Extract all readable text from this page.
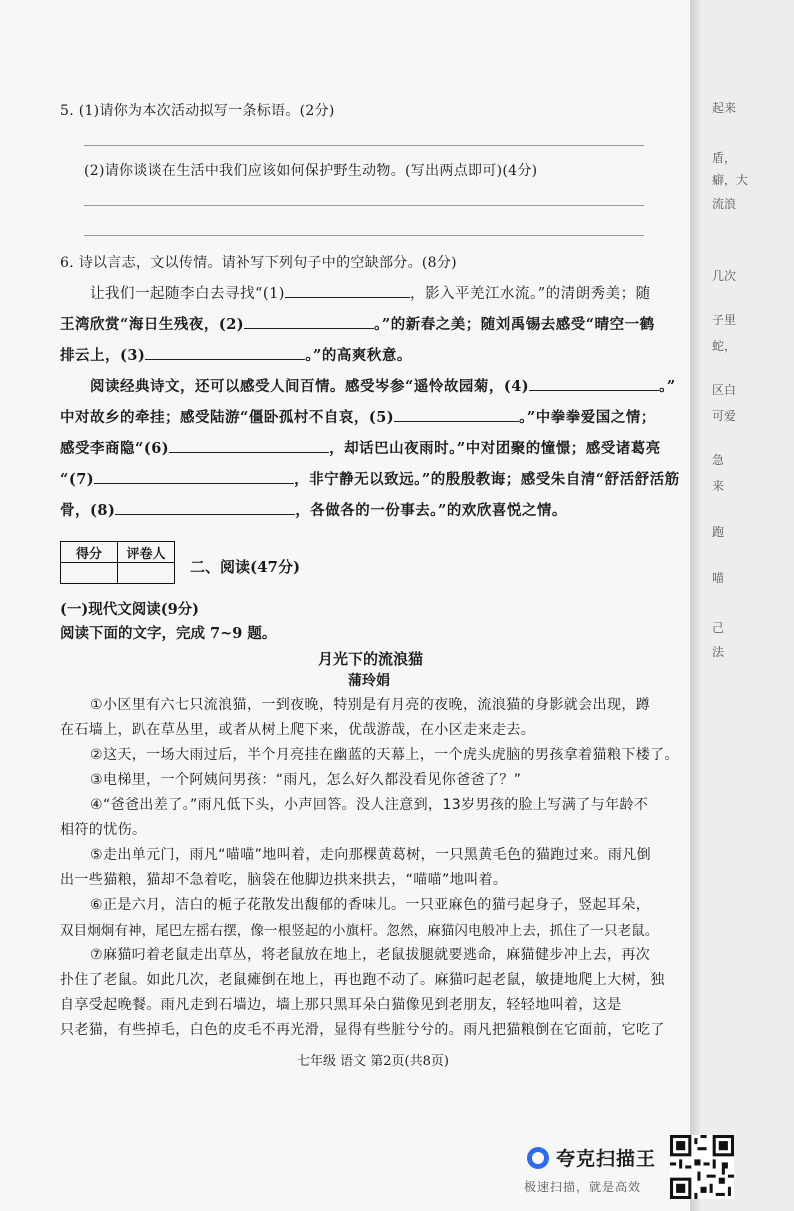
起来
盾，
癖，大
流浪
几次
子里
蛇，
区白
可爱
急
来
跑
喵
己
法
5. (1)请你为本次活动拟写一条标语。(2分)
(2)请你谈谈在生活中我们应该如何保护野生动物。(写出两点即可)(4分)
6. 诗以言志，文以传情。请补写下列句子中的空缺部分。(8分)
让我们一起随李白去寻找“(1)	，影入平羌江水流。”的清朗秀美；随
王湾欣赏“海日生残夜，(2)	。”的新春之美；随刘禹锡去感受“晴空一鹤
排云上，(3)	。”的高爽秋意。
阅读经典诗文，还可以感受人间百情。感受岑参“遥怜故园菊，(4)	。”
中对故乡的牵挂；感受陆游“僵卧孤村不自哀，(5)	。”中拳拳爱国之情；
感受李商隐“(6)	，却话巴山夜雨时。”中对团聚的憧憬；感受诸葛亮
“(7)	，非宁静无以致远。”的殷殷教诲；感受朱自清“舒活舒活筋
骨，(8)	，各做各的一份事去。”的欢欣喜悦之情。
得分	评卷人

二、阅读(47分)
(一)现代文阅读(9分)
阅读下面的文字，完成 7~9 题。
月光下的流浪猫
蒲玲娟
①小区里有六七只流浪猫，一到夜晚，特别是有月亮的夜晚，流浪猫的身影就会出现，蹲
在石墙上，趴在草丛里，或者从树上爬下来，优哉游哉，在小区走来走去。
②这天，一场大雨过后，半个月亮挂在幽蓝的天幕上，一个虎头虎脑的男孩拿着猫粮下楼了。
③电梯里，一个阿姨问男孩：“雨凡，怎么好久都没看见你爸爸了？”
④“爸爸出差了。”雨凡低下头，小声回答。没人注意到，13岁男孩的脸上写满了与年龄不
相符的忧伤。
⑤走出单元门，雨凡“喵喵”地叫着，走向那棵黄葛树，一只黑黄毛色的猫跑过来。雨凡倒
出一些猫粮，猫却不急着吃，脑袋在他脚边拱来拱去，“喵喵”地叫着。
⑥正是六月，洁白的栀子花散发出馥郁的香味儿。一只亚麻色的猫弓起身子，竖起耳朵，
双目炯炯有神，尾巴左摇右摆，像一根竖起的小旗杆。忽然，麻猫闪电般冲上去，抓住了一只老鼠。
⑦麻猫叼着老鼠走出草丛，将老鼠放在地上，老鼠拔腿就要逃命，麻猫健步冲上去，再次
扑住了老鼠。如此几次，老鼠瘫倒在地上，再也跑不动了。麻猫叼起老鼠，敏捷地爬上大树，独
自享受起晚餐。雨凡走到石墙边，墙上那只黑耳朵白猫像见到老朋友，轻轻地叫着，这是
只老猫，有些掉毛，白色的皮毛不再光滑，显得有些脏兮兮的。雨凡把猫粮倒在它面前，它吃了
七年级 语文 第2页(共8页)
夸克扫描王
极速扫描，就是高效
